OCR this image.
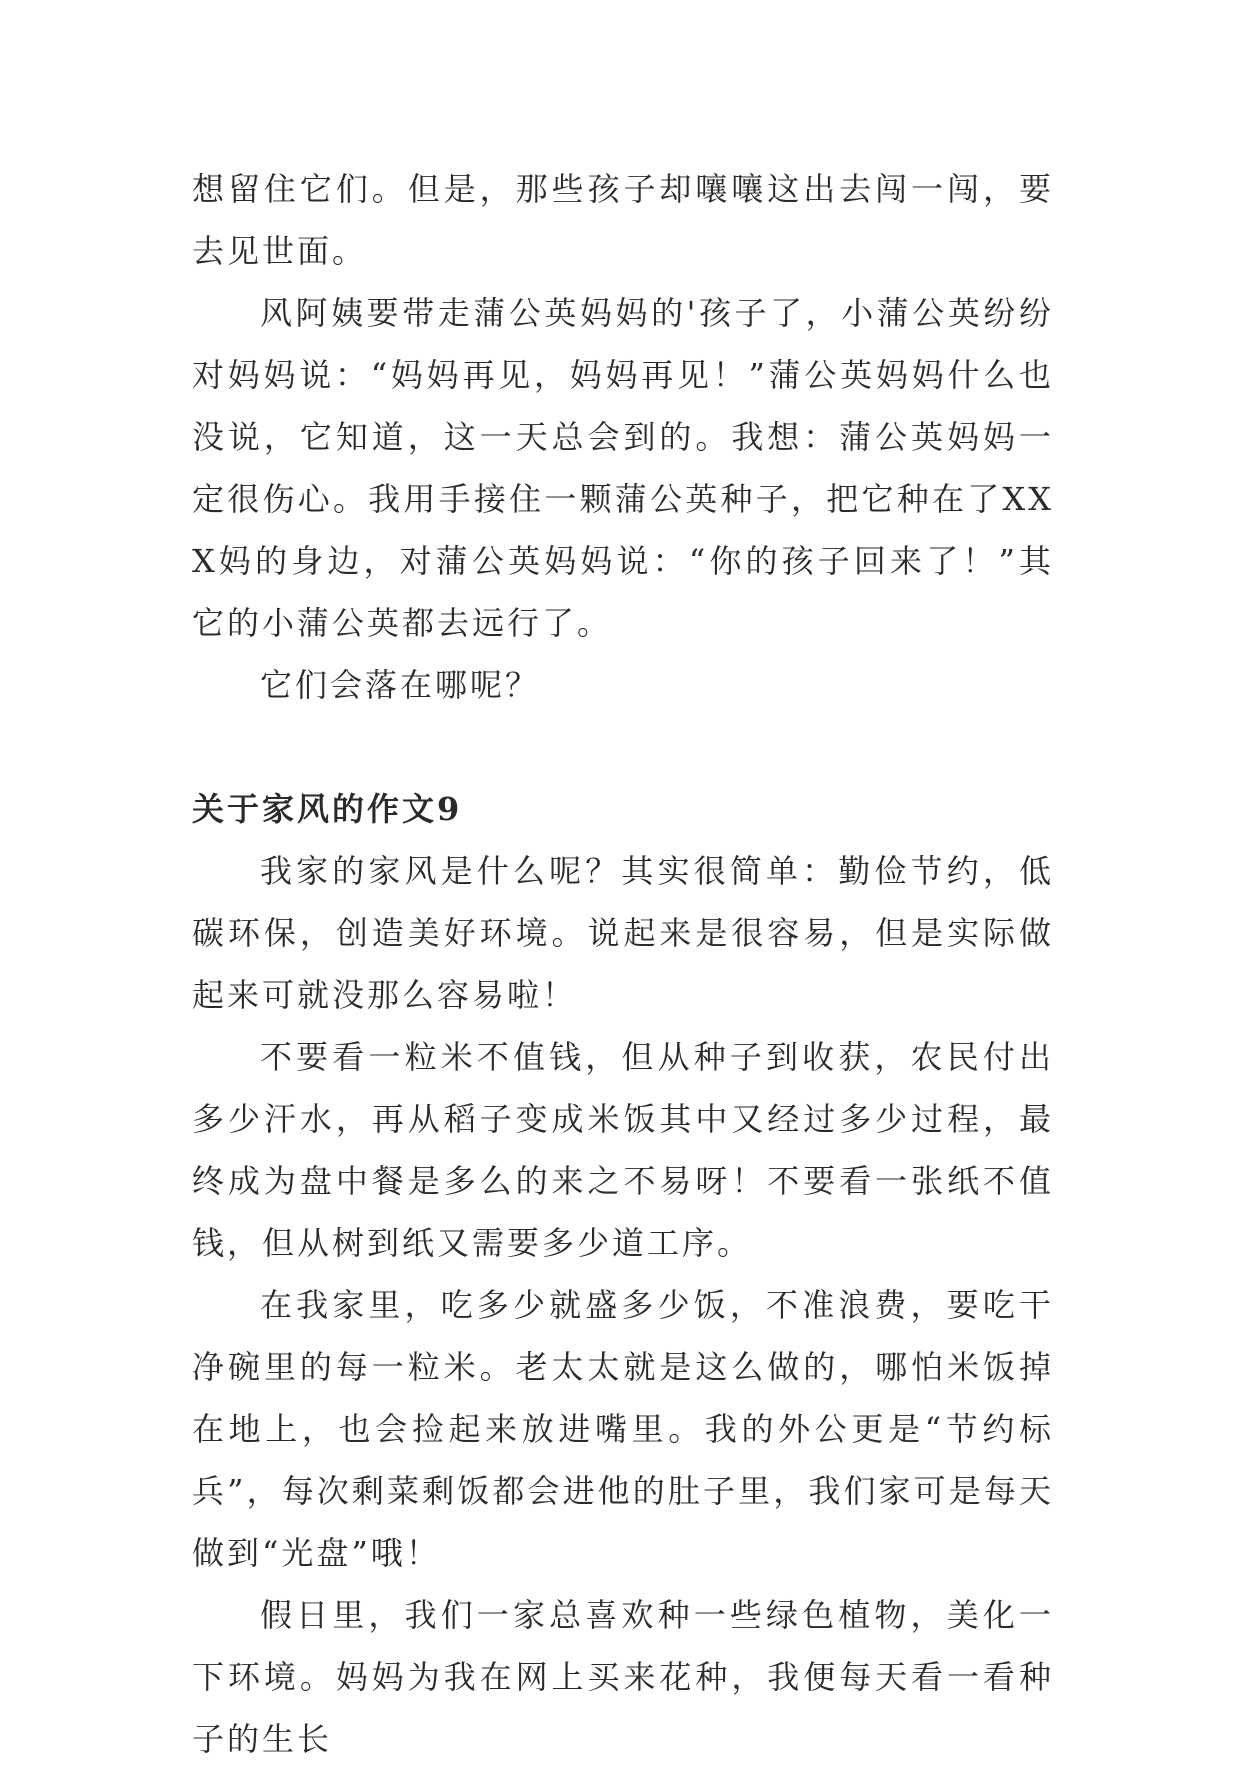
想留住它们。但是，那些孩子却嚷嚷这出去闯一闯，要去见世面。

风阿姨要带走蒲公英妈妈的'孩子了，小蒲公英纷纷对妈妈说：“妈妈再见，妈妈再见！”蒲公英妈妈什么也没说，它知道，这一天总会到的。我想：蒲公英妈妈一定很伤心。我用手接住一颗蒲公英种子，把它种在了XXX妈的身边，对蒲公英妈妈说：“你的孩子回来了！”其它的小蒲公英都去远行了。

它们会落在哪呢？

关于家风的作文9

我家的家风是什么呢？其实很简单：勤俭节约，低碳环保，创造美好环境。说起来是很容易，但是实际做起来可就没那么容易啦！

不要看一粒米不值钱，但从种子到收获，农民付出多少汗水，再从稻子变成米饭其中又经过多少过程，最终成为盘中餐是多么的来之不易呀！不要看一张纸不值钱，但从树到纸又需要多少道工序。

在我家里，吃多少就盛多少饭，不准浪费，要吃干净碗里的每一粒米。老太太就是这么做的，哪怕米饭掉在地上，也会捡起来放进嘴里。我的外公更是“节约标兵”，每次剩菜剩饭都会进他的肚子里，我们家可是每天做到“光盘”哦！

假日里，我们一家总喜欢种一些绿色植物，美化一下环境。妈妈为我在网上买来花种，我便每天看一看种子的生长
